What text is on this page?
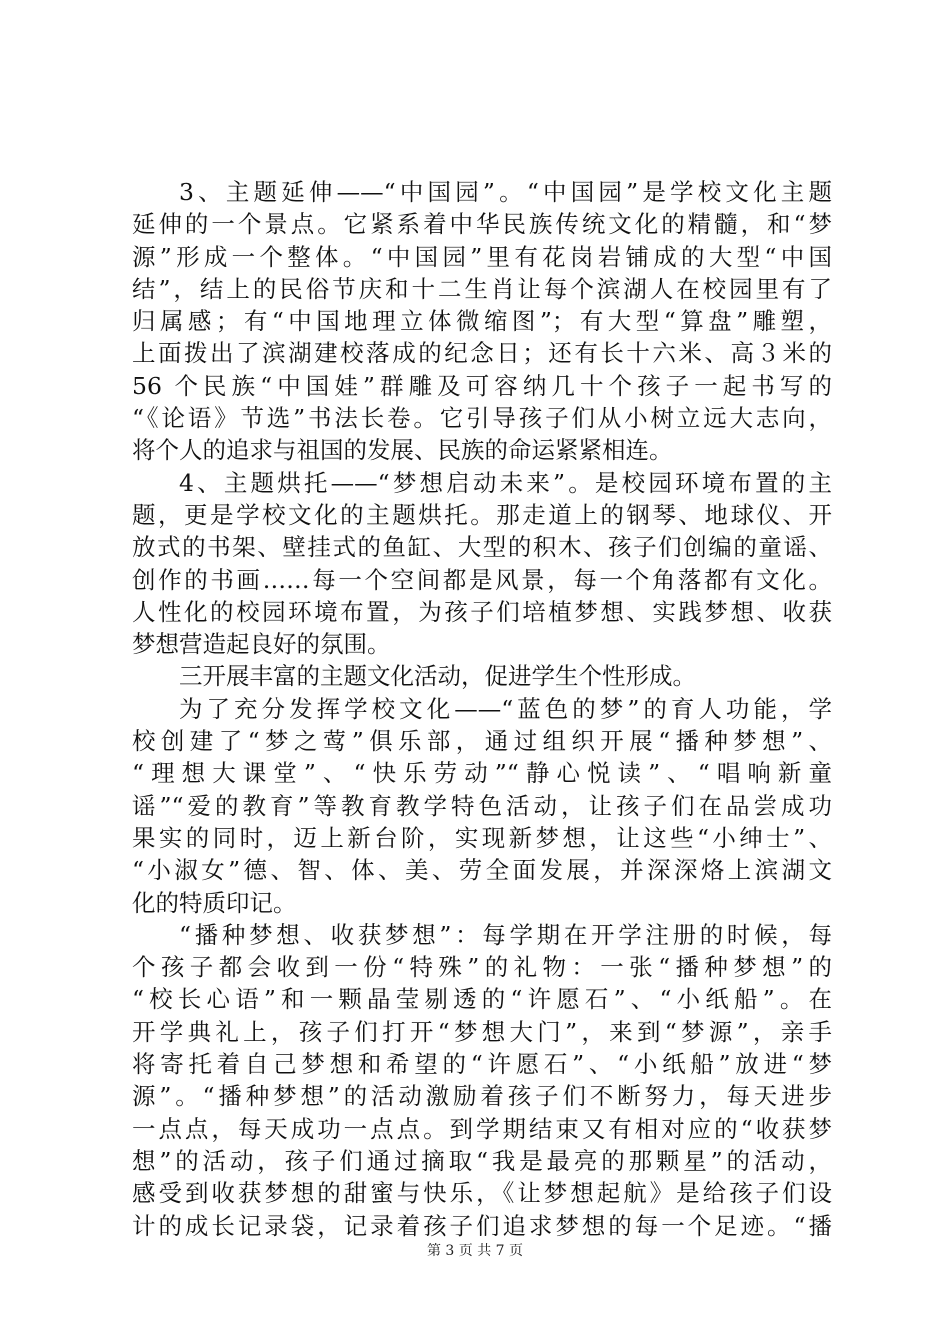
3、主题延伸——“中国园”。“中国园”是学校文化主题
延伸的一个景点。它紧系着中华民族传统文化的精髓，和“梦
源”形成一个整体。“中国园”里有花岗岩铺成的大型“中国
结”，结上的民俗节庆和十二生肖让每个滨湖人在校园里有了
归属感；有“中国地理立体微缩图”；有大型“算盘”雕塑，
上面拨出了滨湖建校落成的纪念日；还有长十六米、高３米的
56 个民族“中国娃”群雕及可容纳几十个孩子一起书写的
“《论语》节选”书法长卷。它引导孩子们从小树立远大志向，
将个人的追求与祖国的发展、民族的命运紧紧相连。
4、主题烘托——“梦想启动未来”。是校园环境布置的主
题，更是学校文化的主题烘托。那走道上的钢琴、地球仪、开
放式的书架、壁挂式的鱼缸、大型的积木、孩子们创编的童谣、
创作的书画……每一个空间都是风景，每一个角落都有文化。
人性化的校园环境布置，为孩子们培植梦想、实践梦想、收获
梦想营造起良好的氛围。
三开展丰富的主题文化活动，促进学生个性形成。
为了充分发挥学校文化——“蓝色的梦”的育人功能，学
校创建了“梦之莺”俱乐部，通过组织开展“播种梦想”、
“理想大课堂”、“快乐劳动”“静心悦读”、“唱响新童
谣”“爱的教育”等教育教学特色活动，让孩子们在品尝成功
果实的同时，迈上新台阶，实现新梦想，让这些“小绅士”、
“小淑女”德、智、体、美、劳全面发展，并深深烙上滨湖文
化的特质印记。
“播种梦想、收获梦想”：每学期在开学注册的时候，每
个孩子都会收到一份“特殊”的礼物：一张“播种梦想”的
“校长心语”和一颗晶莹剔透的“许愿石”、“小纸船”。在
开学典礼上，孩子们打开“梦想大门”，来到“梦源”，亲手
将寄托着自己梦想和希望的“许愿石”、“小纸船”放进“梦
源”。“播种梦想”的活动激励着孩子们不断努力，每天进步
一点点，每天成功一点点。到学期结束又有相对应的“收获梦
想”的活动，孩子们通过摘取“我是最亮的那颗星”的活动，
感受到收获梦想的甜蜜与快乐，《让梦想起航》是给孩子们设
计的成长记录袋，记录着孩子们追求梦想的每一个足迹。“播
第 3 页 共 7 页
